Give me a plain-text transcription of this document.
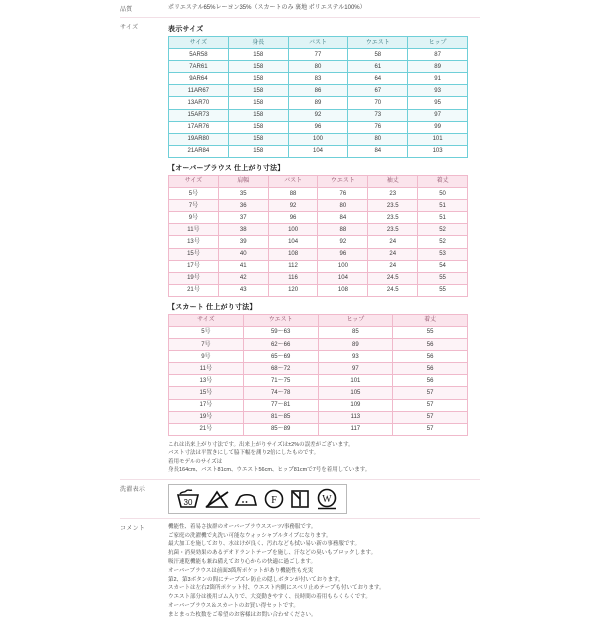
品質	ポリエステル65%レーヨン35%（スカートのみ 裏地 ポリエステル100%）

サイズ	表示サイズ
サイズ	身長	バスト	ウエスト	ヒップ
5AR58	158	77	58	87
7AR61	158	80	61	89
9AR64	158	83	64	91
11AR67	158	86	67	93
13AR70	158	89	70	95
15AR73	158	92	73	97
17AR76	158	96	76	99
19AR80	158	100	80	101
21AR84	158	104	84	103
【オーバーブラウス 仕上がり寸法】
サイズ	肩幅	バスト	ウエスト	袖丈	着丈
5号	35	88	76	23	50
7号	36	92	80	23.5	51
9号	37	96	84	23.5	51
11号	38	100	88	23.5	52
13号	39	104	92	24	52
15号	40	108	96	24	53
17号	41	112	100	24	54
19号	42	116	104	24.5	55
21号	43	120	108	24.5	55
【スカート 仕上がり寸法】
サイズ	ウエスト	ヒップ	着丈
5号	59〜63	85	55
7号	62〜66	89	56
9号	65〜69	93	56
11号	68〜72	97	56
13号	71〜75	101	56
15号	74〜78	105	57
17号	77〜81	109	57
19号	81〜85	113	57
21号	85〜89	117	57
これは出来上がり寸法です。出来上がりサイズは±2%の誤差がございます。
バスト寸法は平置きにして脇下幅を測り2倍にしたものです。
着用モデルのサイズは
身長164cm、バスト81cm、ウエスト56cm、ヒップ81cmで7号を着用しています。

洗濯表示	
30	F	W

コメント	機能性、着易さ抜群のオーバーブラウススーツ/事務服です。
ご家庭の洗濯機で丸洗い可能なウォッシャブルタイプになります。
最大加工を施しており、水はけが良く、汚れなども拭い易い新の事務服です。
抗菌・消臭効果のあるデオドラントテープを施し、汗などの臭いもブロックします。
吸汗速乾機能も兼ね備えており心からの快適に過ごします。
オーバーブラウスは前面3箇所ポケットがあり機能性も充実
第2、第3ボタンの間にテープズレ防止の隠しボタンが付いております。
スカートは左右2箇所ポケット付、ウエスト内側にスベリ止めテープも付いております。
ウエスト部分は後用ゴム入りで、大変動きやすく、長時間の着用もらくらくです。
オーバーブラウス＆スカートのお買い得セットです。
まとまった枚数をご希望のお客様はお問い合わせください。
